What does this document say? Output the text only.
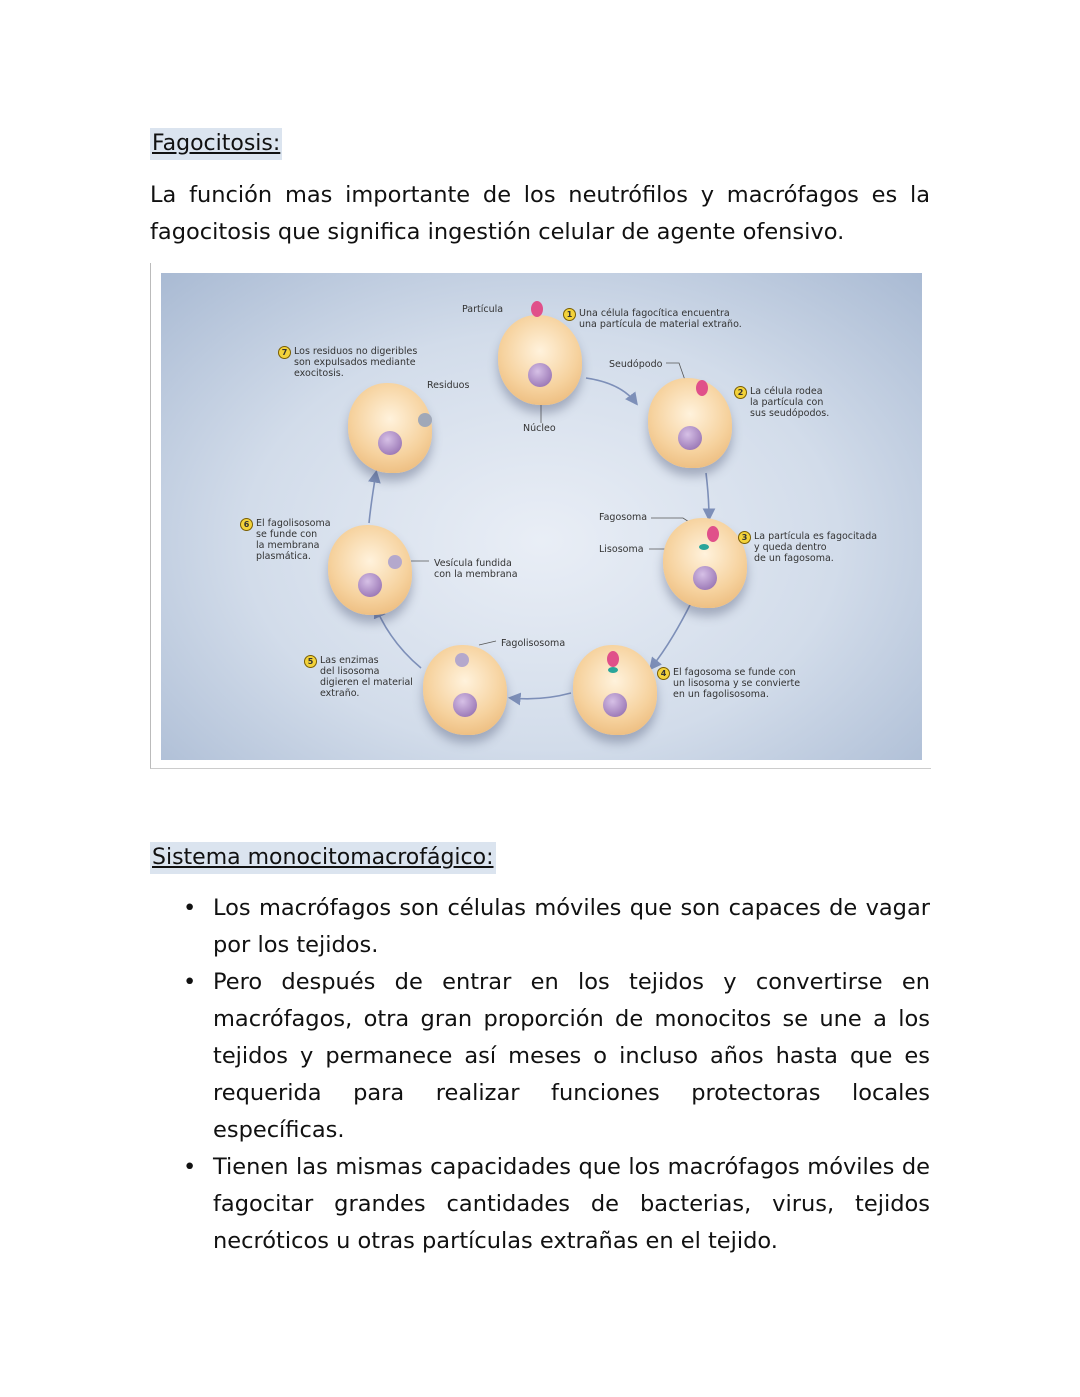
Fagocitosis:
La función mas importante de los neutrófilos y macrófagos es la fagocitosis que significa ingestión celular de agente ofensivo.
Partícula
Núcleo
Seudópodo
Fagosoma
Lisosoma
Fagolisosoma
Vesícula fundida
con la membrana
Residuos
1 Una célula fagocítica encuentra
una partícula de material extraño.
2 La célula rodea
la partícula con
sus seudópodos.
3 La partícula es fagocitada
y queda dentro
de un fagosoma.
4 El fagosoma se funde con
un lisosoma y se convierte
en un fagolisosoma.
5 Las enzimas
del lisosoma
digieren el material
extraño.
6 El fagolisosoma
se funde con
la membrana
plasmática.
7 Los residuos no digeribles
son expulsados mediante
exocitosis.
Sistema monocitomacrofágico:
• Los macrófagos son células móviles que son capaces de vagar por los tejidos.
• Pero después de entrar en los tejidos y convertirse en macrófagos, otra gran proporción de monocitos se une a los tejidos y permanece así meses o incluso años hasta que es requerida para realizar funciones protectoras locales específicas.
• Tienen las mismas capacidades que los macrófagos móviles de fagocitar grandes cantidades de bacterias, virus, tejidos necróticos u otras partículas extrañas en el tejido.
